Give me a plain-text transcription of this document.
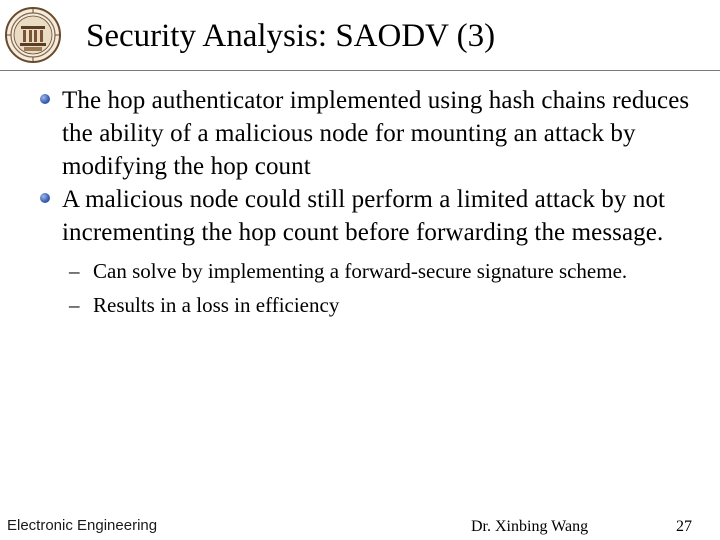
Security Analysis: SAODV (3)
The hop authenticator implemented using hash chains reduces the ability of a malicious node for mounting an attack by modifying the hop count
A malicious node could still perform a limited attack by not incrementing the hop count before forwarding the message.
– Can solve by implementing a forward-secure signature scheme.
– Results in a loss in efficiency
Electronic Engineering	Dr. Xinbing Wang	27
